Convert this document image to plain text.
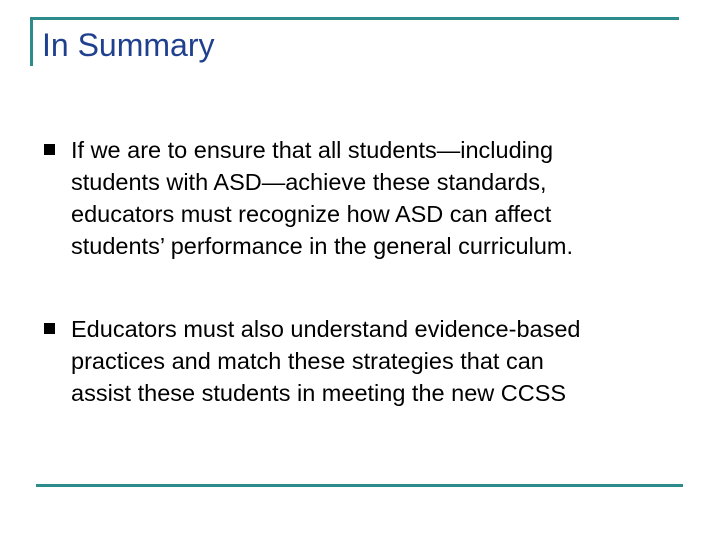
In Summary

If we are to ensure that all students—including
students with ASD—achieve these standards,
educators must recognize how ASD can affect
students’ performance in the general curriculum.

Educators must also understand evidence-based
practices and match these strategies that can
assist these students in meeting the new CCSS
